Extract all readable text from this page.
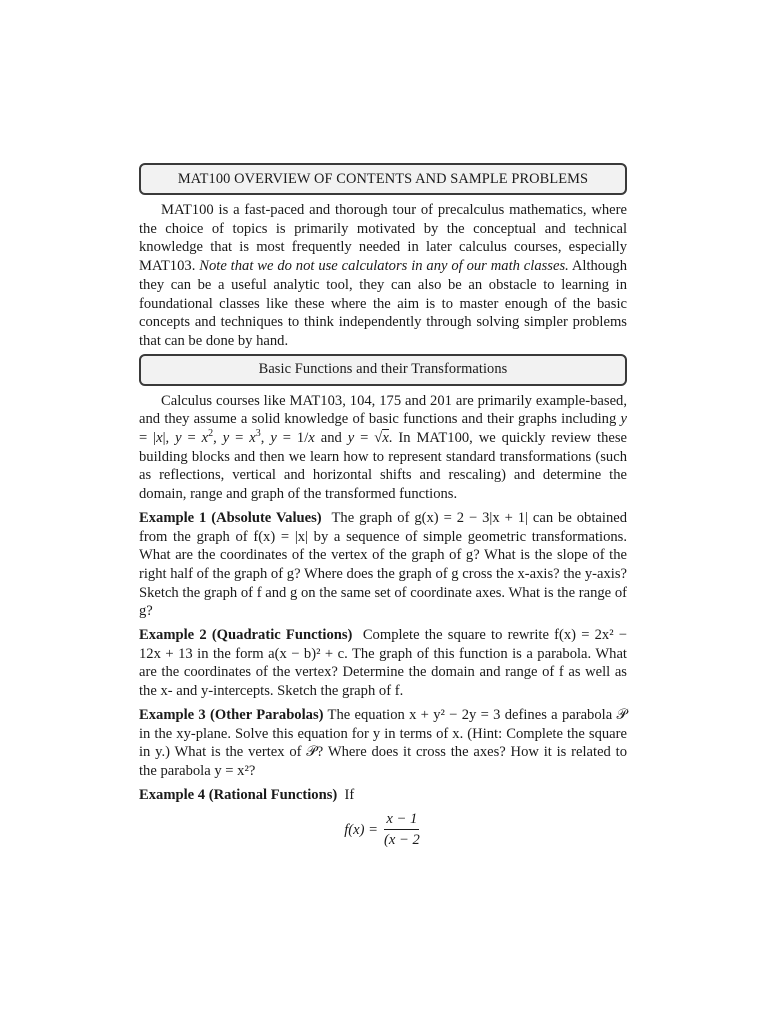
MAT100 OVERVIEW OF CONTENTS AND SAMPLE PROBLEMS

MAT100 is a fast-paced and thorough tour of precalculus mathematics, where the choice of topics is primarily motivated by the conceptual and technical knowledge that is most frequently needed in later calculus courses, especially MAT103. Note that we do not use calculators in any of our math classes. Although they can be a useful analytic tool, they can also be an obstacle to learning in foundational classes like these where the aim is to master enough of the basic concepts and techniques to think independently through solving simpler problems that can be done by hand.

Basic Functions and their Transformations

Calculus courses like MAT103, 104, 175 and 201 are primarily example-based, and they assume a solid knowledge of basic functions and their graphs including y = |x|, $y = x^2$, $y = x^3$, y = 1/x and y = √x. In MAT100, we quickly review these building blocks and then we learn how to represent standard transformations (such as reflections, vertical and horizontal shifts and rescaling) and determine the domain, range and graph of the transformed functions.

Example 1 (Absolute Values) The graph of g(x) = 2 − 3|x + 1| can be obtained from the graph of f(x) = |x| by a sequence of simple geometric transformations. What are the coordinates of the vertex of the graph of g? What is the slope of the right half of the graph of g? Where does the graph of g cross the x-axis? the y-axis? Sketch the graph of f and g on the same set of coordinate axes. What is the range of g?

Example 2 (Quadratic Functions) Complete the square to rewrite f(x) = 2x² − 12x + 13 in the form a(x − b)² + c. The graph of this function is a parabola. What are the coordinates of the vertex? Determine the domain and range of f as well as the x- and y-intercepts. Sketch the graph of f.

Example 3 (Other Parabolas) The equation x + y² − 2y = 3 defines a parabola 𝒫 in the xy-plane. Solve this equation for y in terms of x. (Hint: Complete the square in y.) What is the vertex of 𝒫? Where does it cross the axes? How it is related to the parabola y = x²?

Example 4 (Rational Functions) If

$f(x) = \frac{x - 1}{(x - 2}$
